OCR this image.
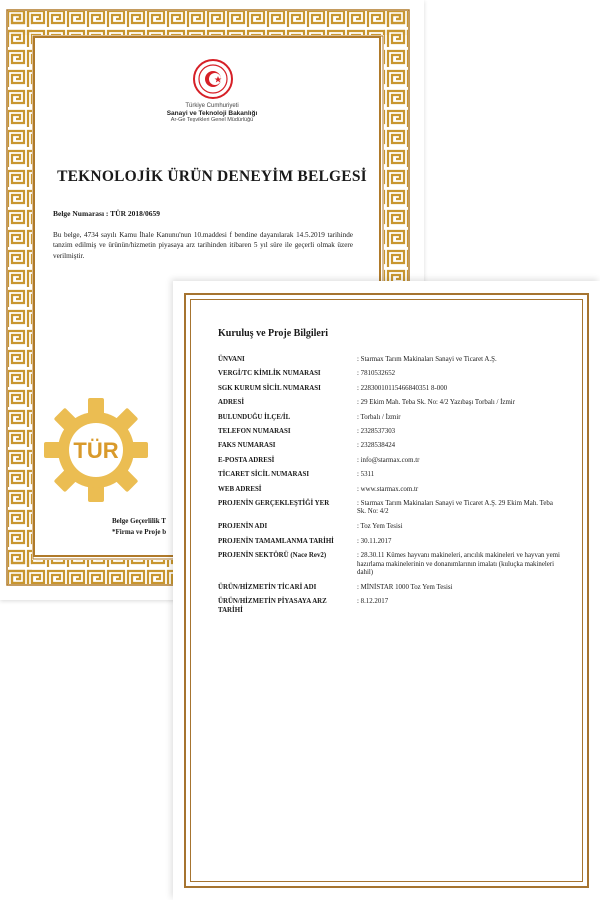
Türkiye Cumhuriyeti
Sanayi ve Teknoloji Bakanlığı
Ar-Ge Teşvikleri Genel Müdürlüğü
TEKNOLOJİK ÜRÜN DENEYİM BELGESİ
Belge Numarası : TÜR 2018/0659
Bu belge, 4734 sayılı Kamu İhale Kanunu'nun 10.maddesi f bendine dayanılarak 14.5.2019 tarihinde tanzim edilmiş ve ürünün/hizmetin piyasaya arz tarihinden itibaren 5 yıl süre ile geçerli olmak üzere verilmiştir.
TÜR
Belge Geçerlilik T
*Firma ve Proje b
Kuruluş ve Proje Bilgileri
ÜNVANI	: Starmax Tarım Makinaları Sanayi ve Ticaret A.Ş.
VERGİ/TC KİMLİK NUMARASI	: 7810532652
SGK KURUM SİCİL NUMARASI	: 22830010115466840351 8-000
ADRESİ	: 29 Ekim Mah. Teba Sk. No: 4/2 Yazıbaşı Torbalı / İzmir
BULUNDUĞU İLÇE/İL	: Torbalı / İzmir
TELEFON NUMARASI	: 2328537303
FAKS NUMARASI	: 2328538424
E-POSTA ADRESİ	: info@starmax.com.tr
TİCARET SİCİL NUMARASI	: 5311
WEB ADRESİ	: www.starmax.com.tr
PROJENİN GERÇEKLEŞTİĞİ YER	: Starmax Tarım Makinaları Sanayi ve Ticaret A.Ş. 29 Ekim Mah. Teba Sk. No: 4/2
PROJENİN ADI	: Toz Yem Tesisi
PROJENİN TAMAMLANMA TARİHİ	: 30.11.2017
PROJENİN SEKTÖRÜ (Nace Rev2)	: 28.30.11 Kümes hayvanı makineleri, arıcılık makineleri ve hayvan yemi hazırlama makinelerinin ve donanımlarının imalatı (kuluçka makineleri dahil)
ÜRÜN/HİZMETİN TİCARİ ADI	: MİNİSTAR 1000 Toz Yem Tesisi
ÜRÜN/HİZMETİN PİYASAYA ARZ TARİHİ
: 8.12.2017
